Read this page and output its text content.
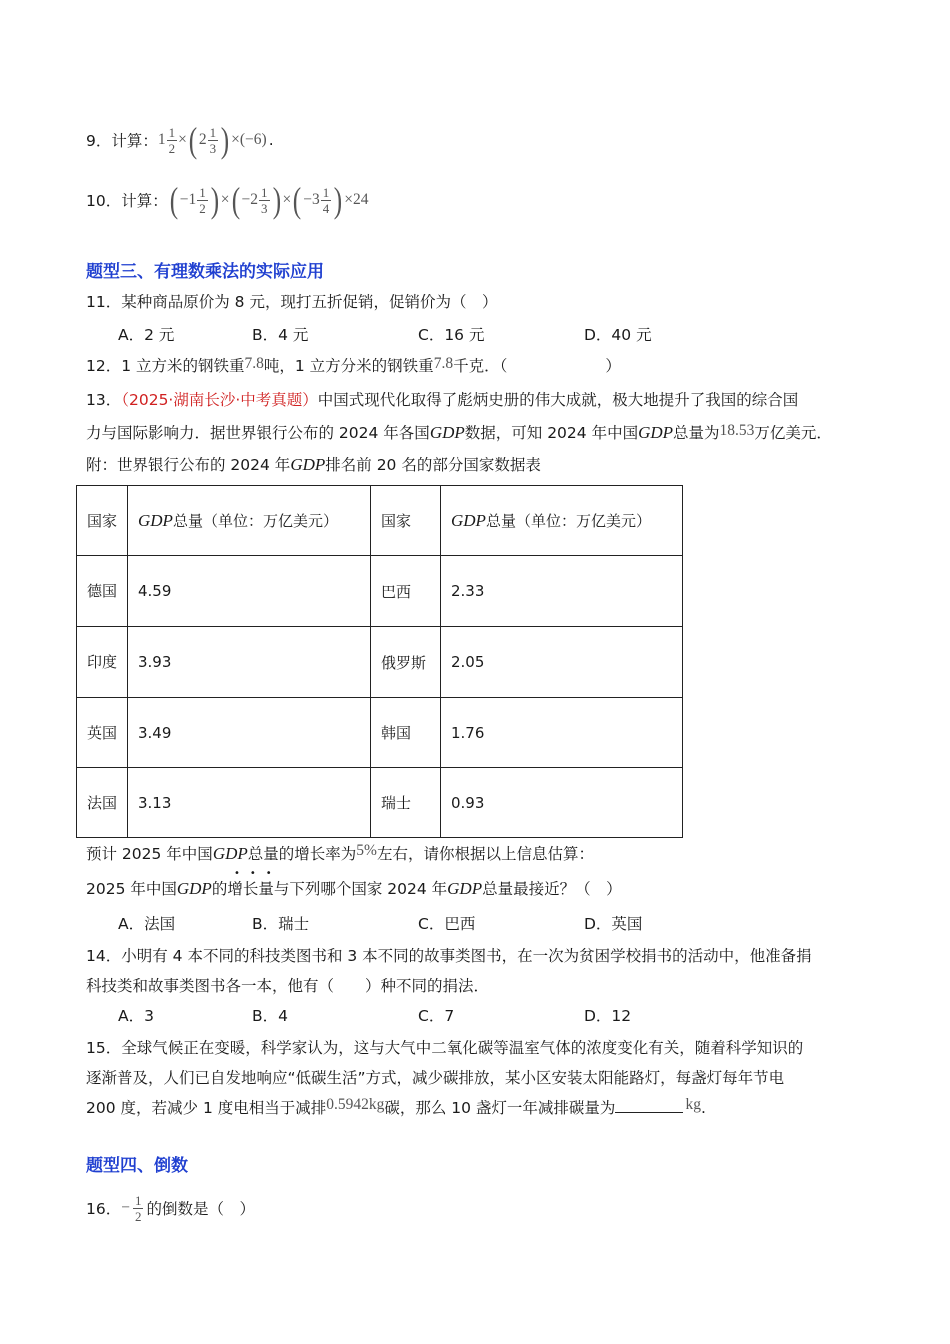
9． 计算： $1 \frac{1}{2}$ × ( $2 \frac{1}{3}$ ) ×(−6) .
10． 计算： ( $-1 \frac{1}{2}$ ) × ( $-2 \frac{1}{3}$ ) × ( $-3 \frac{1}{4}$ ) ×24
题型三、有理数乘法的实际应用
11．某种商品原价为 8 元，现打五折促销，促销价为（　）
A．2 元	B．4 元	C．16 元	D．40 元
12．1 立方米的钢铁重7.8吨，1 立方分米的钢铁重7.8千克．（	）
13．（2025·湖南长沙·中考真题）中国式现代化取得了彪炳史册的伟大成就，极大地提升了我国的综合国
力与国际影响力．据世界银行公布的 2024 年各国GDP数据，可知 2024 年中国GDP总量为18.53万亿美元．
附：世界银行公布的 2024 年GDP排名前 20 名的部分国家数据表
国家	GDP总量（单位：万亿美元）	国家	GDP总量（单位：万亿美元）
德国	4.59	巴西	2.33
印度	3.93	俄罗斯	2.05
英国	3.49	韩国	1.76
法国	3.13	瑞士	0.93
预计 2025 年中国GDP总量的增长率为5%左右，请你根据以上信息估算：
•　•　•
2025 年中国GDP的增长量与下列哪个国家 2024 年GDP总量最接近？（　）
A．法国	B．瑞士	C．巴西	D．英国
14．小明有 4 本不同的科技类图书和 3 本不同的故事类图书，在一次为贫困学校捐书的活动中，他准备捐
科技类和故事类图书各一本，他有（　　）种不同的捐法．
A．3	B．4	C．7	D．12
15．全球气候正在变暖，科学家认为，这与大气中二氧化碳等温室气体的浓度变化有关，随着科学知识的
逐渐普及，人们已自发地响应“低碳生活”方式，减少碳排放，某小区安装太阳能路灯，每盏灯每年节电
200 度，若减少 1 度电相当于减排0.5942kg碳，那么 10 盏灯一年减排碳量为	kg.
题型四、倒数
16． − $\frac{1}{2}$ 的倒数是（　）
